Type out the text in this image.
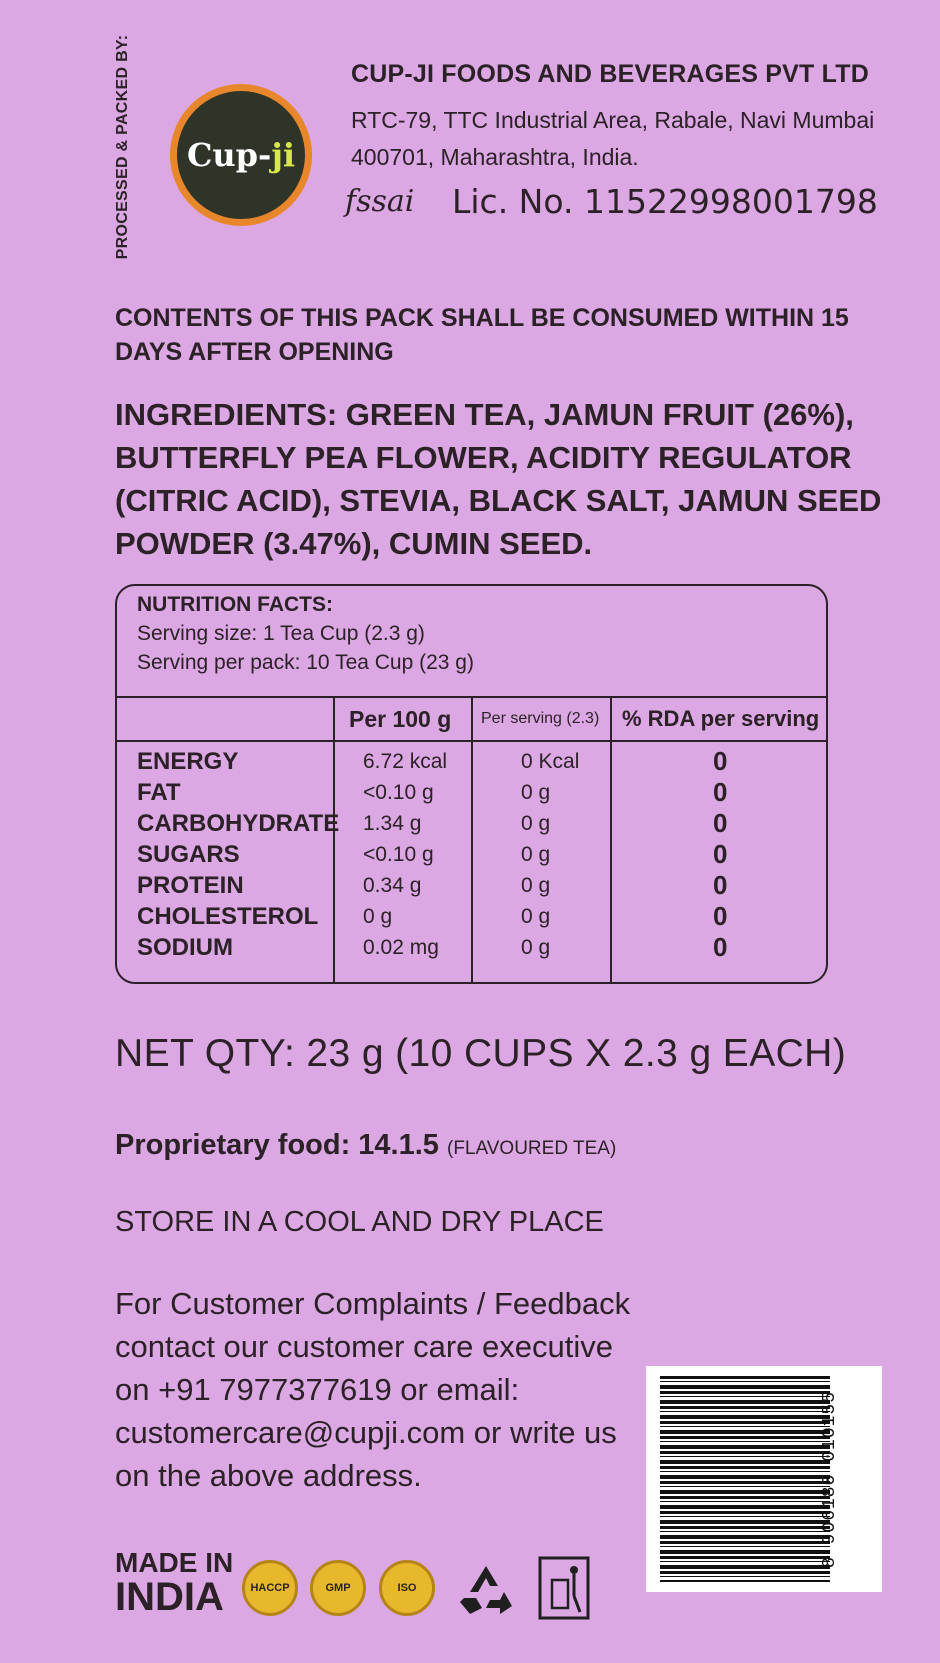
PROCESSED & PACKED BY: Cup-ji
CUP-JI FOODS AND BEVERAGES PVT LTD
RTC-79, TTC Industrial Area, Rabale, Navi Mumbai
400701, Maharashtra, India.
fssai Lic. No. 11522998001798
CONTENTS OF THIS PACK SHALL BE CONSUMED WITHIN 15 DAYS AFTER OPENING
INGREDIENTS: GREEN TEA, JAMUN FRUIT (26%), BUTTERFLY PEA FLOWER, ACIDITY REGULATOR (CITRIC ACID), STEVIA, BLACK SALT, JAMUN SEED POWDER (3.47%), CUMIN SEED.
NUTRITION FACTS:
Serving size: 1 Tea Cup (2.3 g)
Serving per pack: 10 Tea Cup (23 g)
Per 100 g Per serving (2.3) % RDA per serving
ENERGY	6.72 kcal	0 Kcal	0
FAT	<0.10 g	0 g	0
CARBOHYDRATE 1.34 g	0 g	0
SUGARS	<0.10 g	0 g	0
PROTEIN	0.34 g	0 g	0
CHOLESTEROL 0 g	0 g	0
SODIUM	0.02 mg	0 g	0
NET QTY: 23 g (10 CUPS X 2.3 g EACH)
Proprietary food: 14.1.5 (FLAVOURED TEA)
STORE IN A COOL AND DRY PLACE
For Customer Complaints / Feedback contact our customer care executive on +91 7977377619 or email: customercare@cupji.com or write us on the above address.
MADE IN
INDIA	HACCP	GMP	ISO
8 906180 010155
